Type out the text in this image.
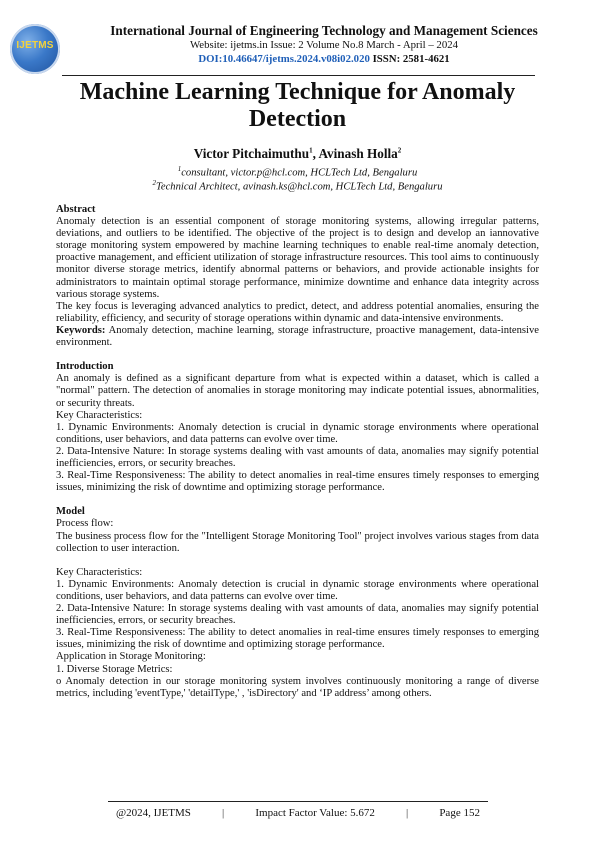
IJETMS
International Journal of Engineering Technology and Management Sciences
Website: ijetms.in Issue: 2 Volume No.8 March - April – 2024
DOI:10.46647/ijetms.2024.v08i02.020 ISSN: 2581-4621
Machine Learning Technique for Anomaly
Detection
Victor Pitchaimuthu$^1$, Avinash Holla$^2$
$^1$consultant, victor.p@hcl.com, HCLTech Ltd, Bengaluru
$^2$Technical Architect, avinash.ks@hcl.com, HCLTech Ltd, Bengaluru

Abstract

Anomaly detection is an essential component of storage monitoring systems, allowing irregular patterns, deviations, and outliers to be identified. The objective of the project is to design and develop an iannovative storage monitoring system empowered by machine learning techniques to enable real-time anomaly detection, proactive management, and efficient utilization of storage infrastructure resources. This tool aims to continuously monitor diverse storage metrics, identify abnormal patterns or behaviors, and provide actionable insights for administrators to maintain optimal storage performance, minimize downtime and enhance data integrity across various storage systems.

The key focus is leveraging advanced analytics to predict, detect, and address potential anomalies, ensuring the reliability, efficiency, and security of storage operations within dynamic and data-intensive environments.

Keywords: Anomaly detection, machine learning, storage infrastructure, proactive management, data-intensive environment.

Introduction

An anomaly is defined as a significant departure from what is expected within a dataset, which is called a "normal" pattern. The detection of anomalies in storage monitoring may indicate potential issues, abnormalities, or security threats.

Key Characteristics:

1. Dynamic Environments: Anomaly detection is crucial in dynamic storage environments where operational conditions, user behaviors, and data patterns can evolve over time.

2. Data-Intensive Nature: In storage systems dealing with vast amounts of data, anomalies may signify potential inefficiencies, errors, or security breaches.

3. Real-Time Responsiveness: The ability to detect anomalies in real-time ensures timely responses to emerging issues, minimizing the risk of downtime and optimizing storage performance.

Model

Process flow:

The business process flow for the "Intelligent Storage Monitoring Tool" project involves various stages from data collection to user interaction.

Key Characteristics:

1. Dynamic Environments: Anomaly detection is crucial in dynamic storage environments where operational conditions, user behaviors, and data patterns can evolve over time.

2. Data-Intensive Nature: In storage systems dealing with vast amounts of data, anomalies may signify potential inefficiencies, errors, or security breaches.

3. Real-Time Responsiveness: The ability to detect anomalies in real-time ensures timely responses to emerging issues, minimizing the risk of downtime and optimizing storage performance.

Application in Storage Monitoring:

1. Diverse Storage Metrics:

o Anomaly detection in our storage monitoring system involves continuously monitoring a range of diverse metrics, including 'eventType,' 'detailType,' , 'isDirectory' and ‘IP address’ among others.

@2024, IJETMS	|	Impact Factor Value: 5.672	|	Page 152
